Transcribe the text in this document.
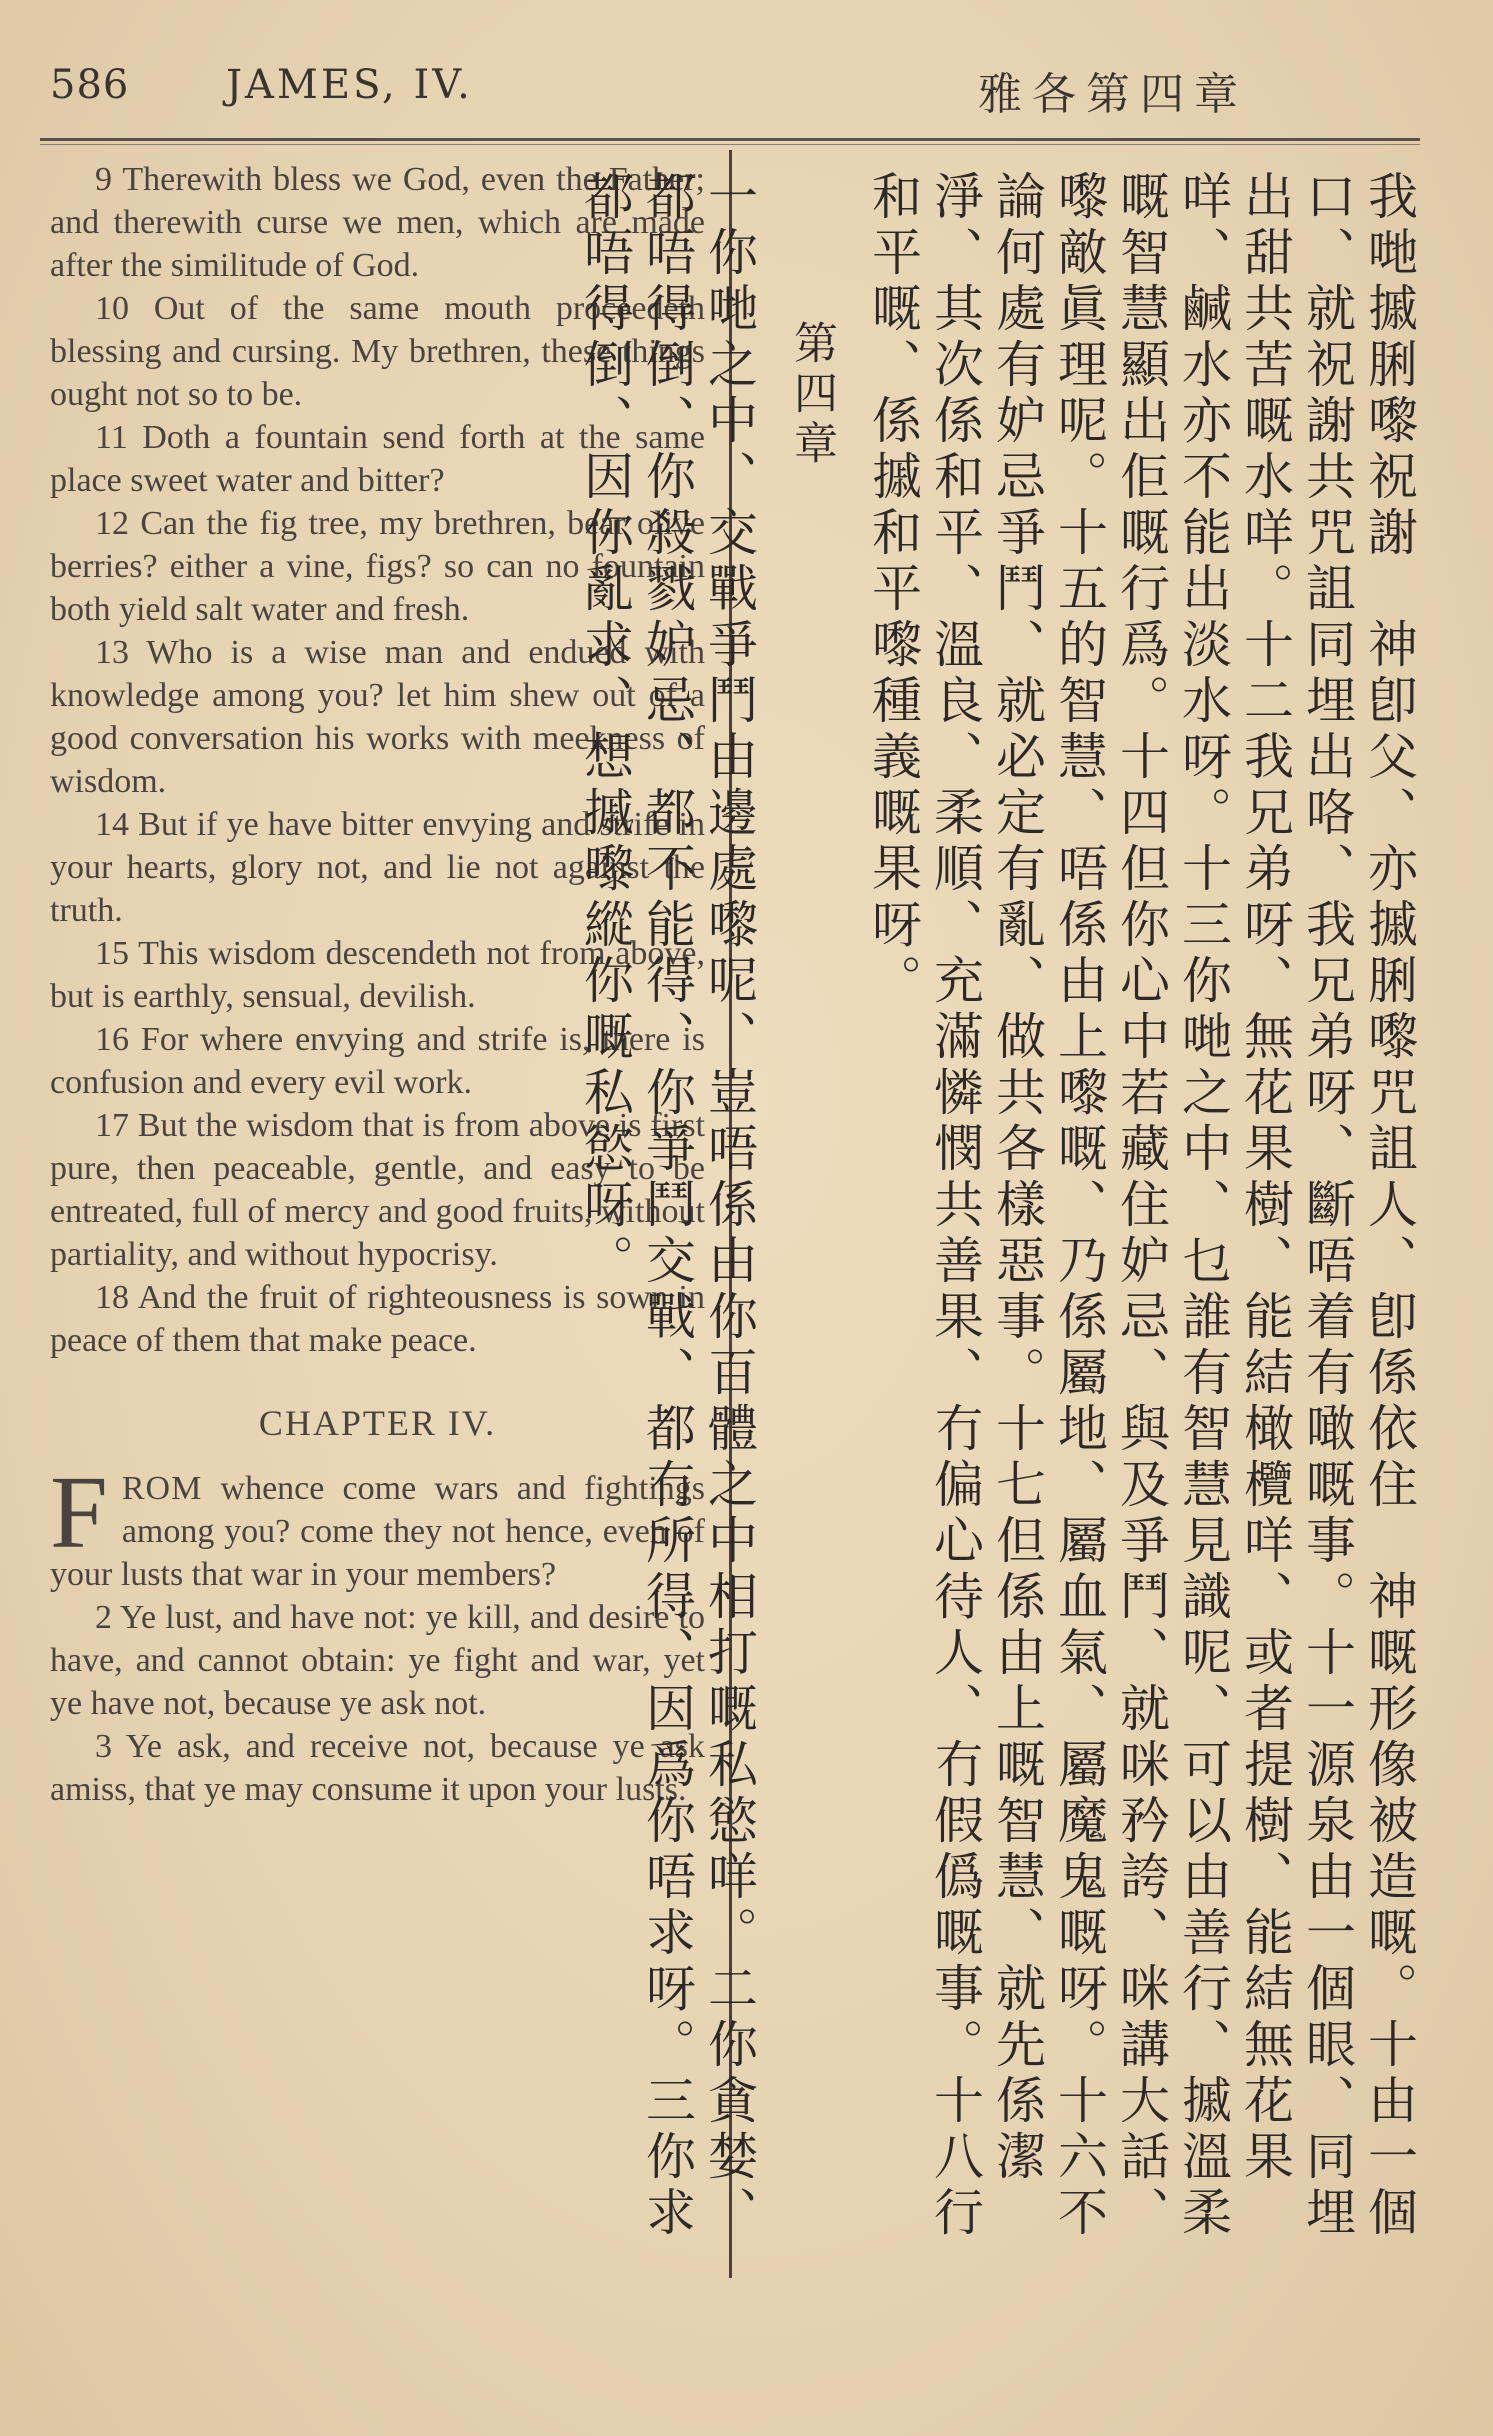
586 JAMES, IV.	雅各第四章

9 Therewith bless we God, even the Father; and therewith curse we men, which are made after the similitude of God.

10 Out of the same mouth proceedeth blessing and cursing. My brethren, these things ought not so to be.

11 Doth a fountain send forth at the same place sweet water and bitter?

12 Can the fig tree, my brethren, bear olive berries? either a vine, figs? so can no fountain both yield salt water and fresh.

13 Who is a wise man and endued with knowledge among you? let him shew out of a good conversation his works with meekness of wisdom.

14 But if ye have bitter envying and strife in your hearts, glory not, and lie not against the truth.

15 This wisdom descendeth not from above, but is earthly, sensual, devilish.

16 For where envying and strife is, there is confusion and every evil work.

17 But the wisdom that is from above is first pure, then peaceable, gentle, and easy to be entreated, full of mercy and good fruits, without partiality, and without hypocrisy.

18 And the fruit of righteousness is sown in peace of them that make peace.

CHAPTER IV.

FROM whence come wars and fightings among you? come they not hence, even of your lusts that war in your members?

2 Ye lust, and have not: ye kill, and desire to have, and cannot obtain: ye fight and war, yet ye have not, because ye ask not.

3 Ye ask, and receive not, because ye ask amiss, that ye may consume it upon your lusts.	我哋摵脷嚟祝謝　神卽父、亦摵脷嚟咒詛人、卽係依住　神嘅形像被造嘅。十由一個口、就祝謝共咒詛同埋出咯、我兄弟呀、斷唔着有噉嘅事。十一源泉由一個眼、同埋出甜共苦嘅水咩。十二我兄弟呀、無花果樹、能結橄欖咩、或者提樹、能結無花果咩、鹹水亦不能出淡水呀。十三你哋之中、乜誰有智慧見識呢、可以由善行、摵溫柔嘅智慧顯出佢嘅行爲。十四但你心中若藏住妒忌、與及爭鬥、就咪矜誇、咪講大話、嚟敵眞理呢。十五的智慧、唔係由上嚟嘅、乃係屬地、屬血氣、屬魔鬼嘅呀。十六不論何處有妒忌爭鬥、就必定有亂、做共各樣惡事。十七但係由上嘅智慧、就先係潔淨、其次係和平、溫良、柔順、充滿憐憫共善果、冇偏心待人、冇假僞嘅事。十八行和平嘅、係摵和平嚟種義嘅果呀。
第四章
一你哋之中、交戰爭鬥由邊處嚟呢、豈唔係由你百體之中相打嘅私慾咩。二你貪婪、都唔得倒、你殺戮妒忌、都不能得、你爭鬥交戰、都冇所得、因爲你唔求呀。三你求都唔得倒、因你亂求、想摵嚟縱你嘅私慾呀。
